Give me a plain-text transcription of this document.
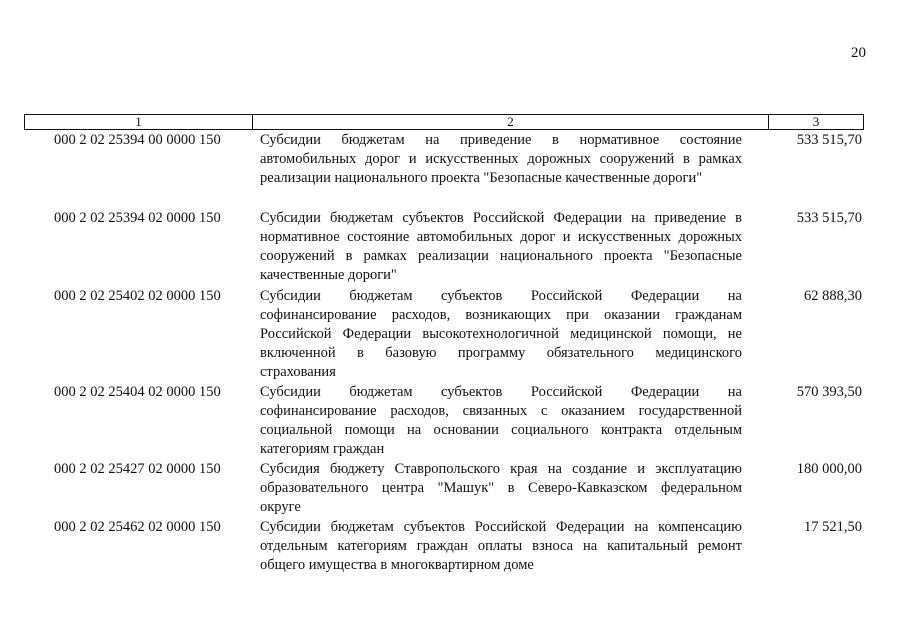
20
1	2	3
000 2 02 25394 00 0000 150	Субсидии бюджетам на приведение в нормативное состояние
автомобильных дорог и искусственных дорожных сооружений в рамках
реализации национального проекта "Безопасные качественные дороги"
533 515,70
000 2 02 25394 02 0000 150	Субсидии бюджетам субъектов Российской Федерации на приведение в
нормативное состояние автомобильных дорог и искусственных дорожных
сооружений в рамках реализации национального проекта "Безопасные
качественные дороги"
533 515,70
000 2 02 25402 02 0000 150	Субсидии бюджетам субъектов Российской Федерации на
софинансирование расходов, возникающих при оказании гражданам
Российской Федерации высокотехнологичной медицинской помощи, не
включенной в базовую программу обязательного медицинского
страхования
62 888,30
000 2 02 25404 02 0000 150	Субсидии бюджетам субъектов Российской Федерации на
софинансирование расходов, связанных с оказанием государственной
социальной помощи на основании социального контракта отдельным
категориям граждан
570 393,50
000 2 02 25427 02 0000 150	Субсидия бюджету Ставропольского края на создание и эксплуатацию
образовательного центра "Машук" в Северо-Кавказском федеральном
округе
180 000,00
000 2 02 25462 02 0000 150	Субсидии бюджетам субъектов Российской Федерации на компенсацию
отдельным категориям граждан оплаты взноса на капитальный ремонт
общего имущества в многоквартирном доме
17 521,50
